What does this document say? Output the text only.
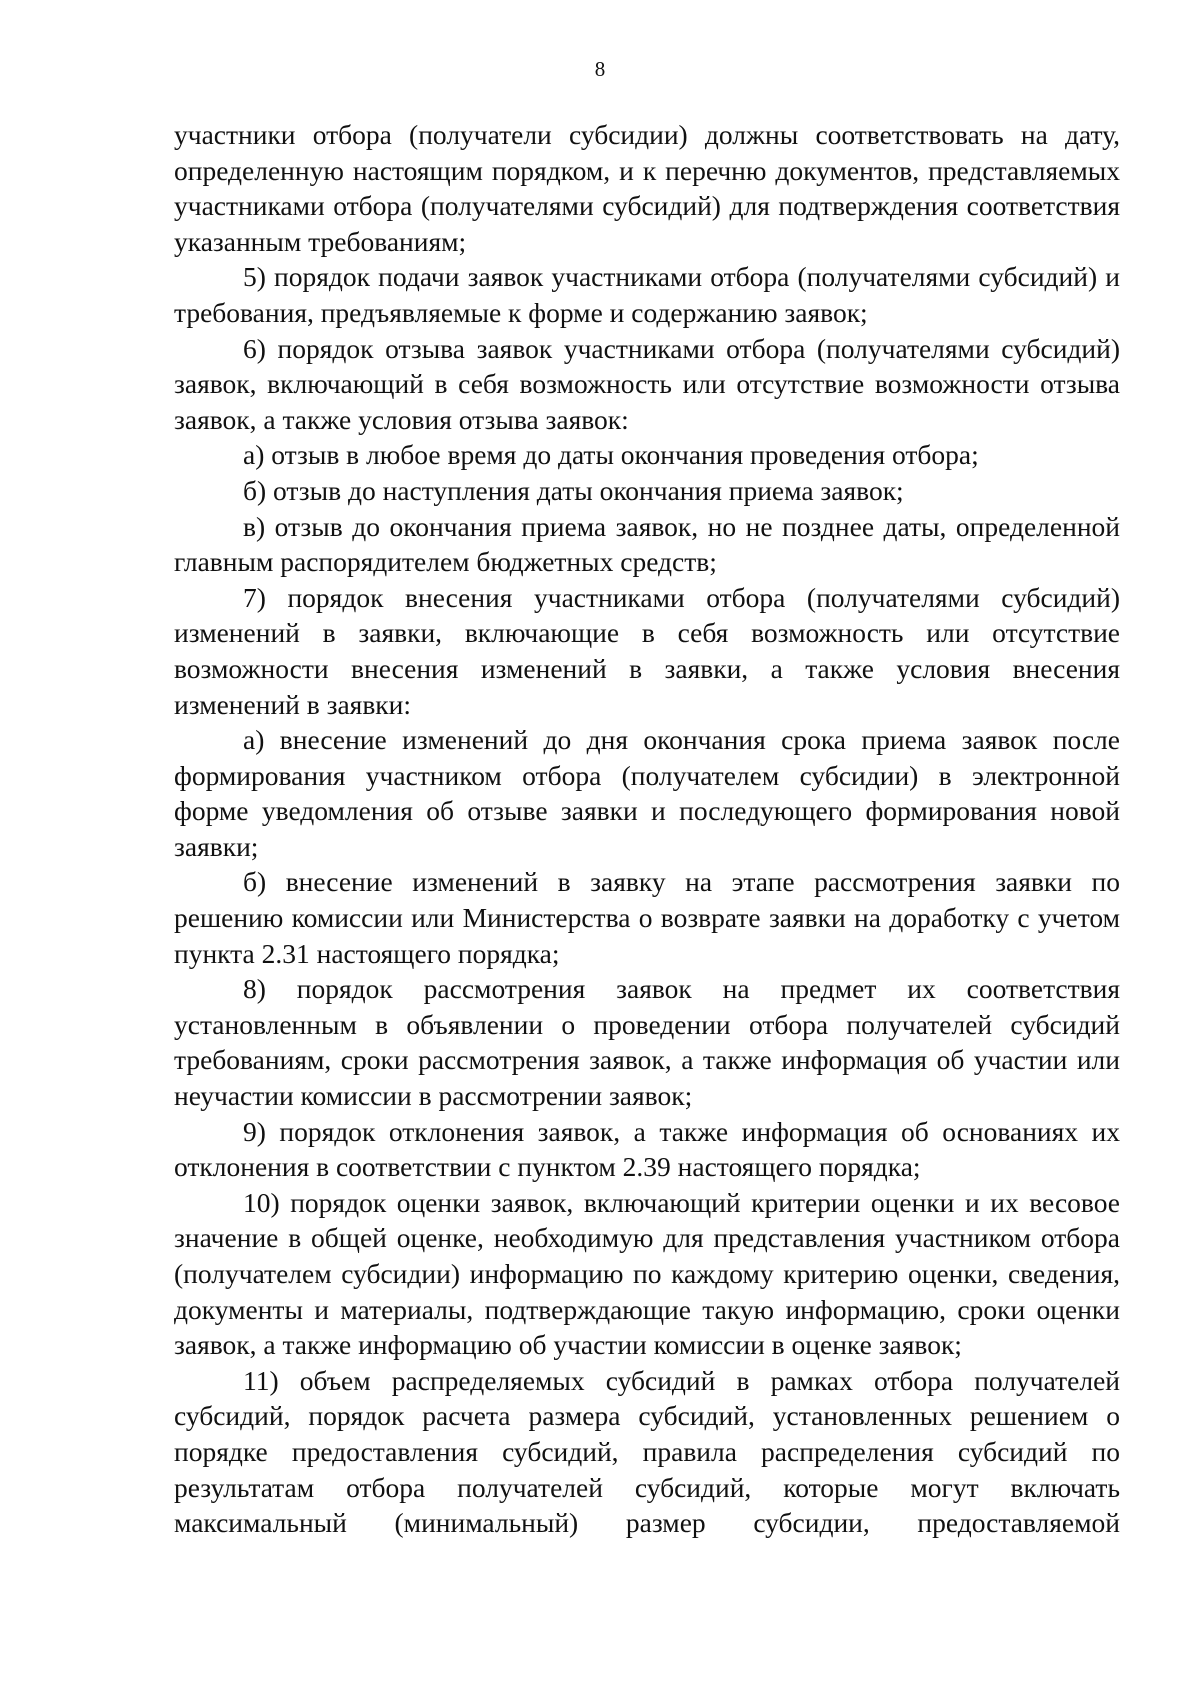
8

участники отбора (получатели субсидии) должны соответствовать на дату, определенную настоящим порядком, и к перечню документов, представляемых участниками отбора (получателями субсидий) для подтверждения соответствия указанным требованиям;

5) порядок подачи заявок участниками отбора (получателями субсидий) и требования, предъявляемые к форме и содержанию заявок;

6) порядок отзыва заявок участниками отбора (получателями субсидий) заявок, включающий в себя возможность или отсутствие возможности отзыва заявок, а также условия отзыва заявок:

а) отзыв в любое время до даты окончания проведения отбора;

б) отзыв до наступления даты окончания приема заявок;

в) отзыв до окончания приема заявок, но не позднее даты, определенной главным распорядителем бюджетных средств;

7) порядок внесения участниками отбора (получателями субсидий) изменений в заявки, включающие в себя возможность или отсутствие возможности внесения изменений в заявки, а также условия внесения изменений в заявки:

а) внесение изменений до дня окончания срока приема заявок после формирования участником отбора (получателем субсидии) в электронной форме уведомления об отзыве заявки и последующего формирования новой заявки;

б) внесение изменений в заявку на этапе рассмотрения заявки по решению комиссии или Министерства о возврате заявки на доработку с учетом пункта 2.31 настоящего порядка;

8) порядок рассмотрения заявок на предмет их соответствия установленным в объявлении о проведении отбора получателей субсидий требованиям, сроки рассмотрения заявок, а также информация об участии или неучастии комиссии в рассмотрении заявок;

9) порядок отклонения заявок, а также информация об основаниях их отклонения в соответствии с пунктом 2.39 настоящего порядка;

10) порядок оценки заявок, включающий критерии оценки и их весовое значение в общей оценке, необходимую для представления участником отбора (получателем субсидии) информацию по каждому критерию оценки, сведения, документы и материалы, подтверждающие такую информацию, сроки оценки заявок, а также информацию об участии комиссии в оценке заявок;

11) объем распределяемых субсидий в рамках отбора получателей субсидий, порядок расчета размера субсидий, установленных решением о порядке предоставления субсидий, правила распределения субсидий по результатам отбора получателей субсидий, которые могут включать максимальный (минимальный) размер субсидии, предоставляемой
